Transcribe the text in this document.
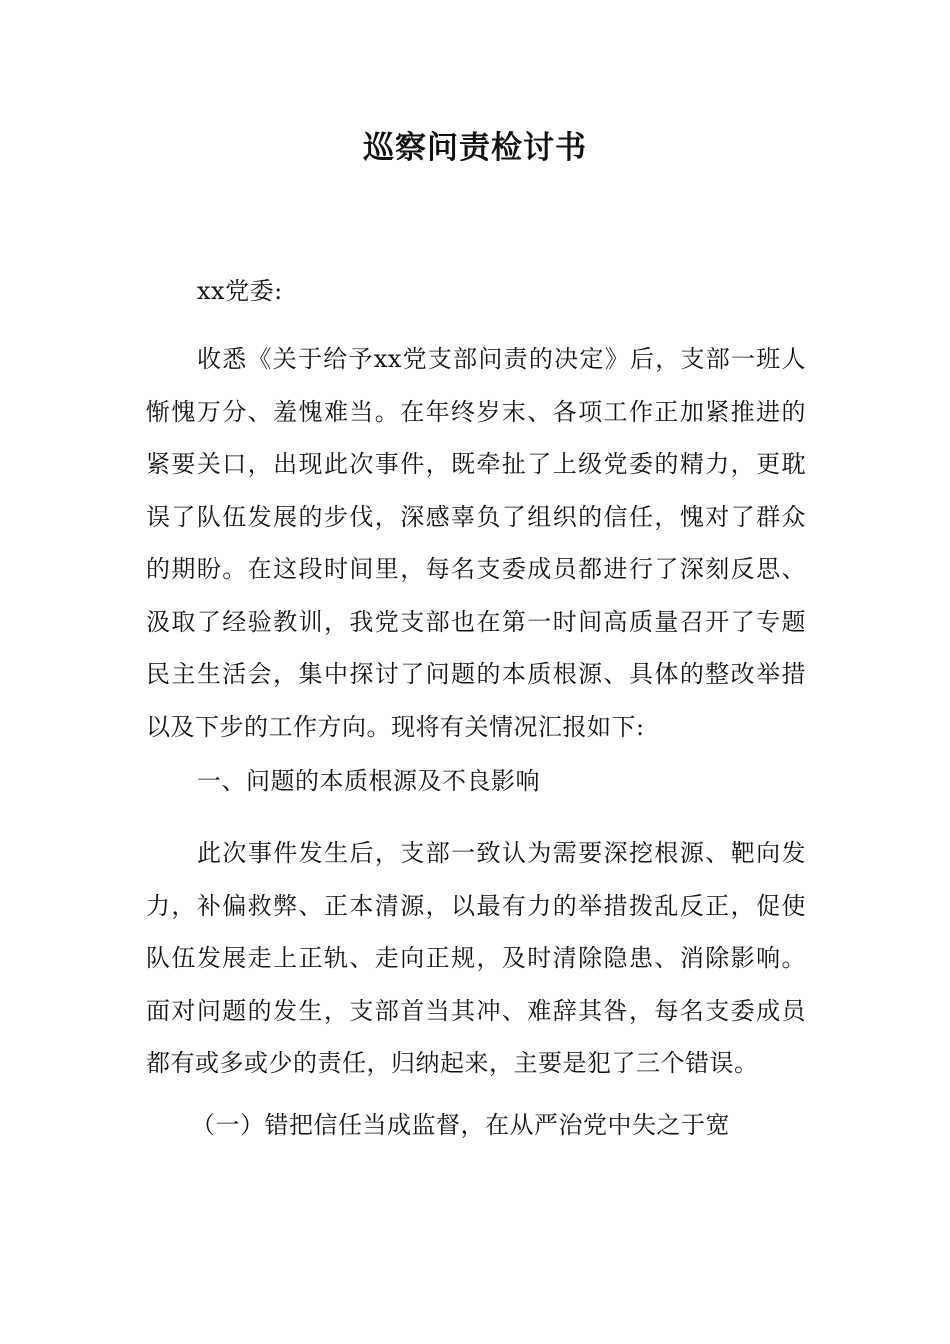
巡察问责检讨书
xx党委:
收悉《关于给予xx党支部问责的决定》后，支部一班人惭愧万分、羞愧难当。在年终岁末、各项工作正加紧推进的紧要关口，出现此次事件，既牵扯了上级党委的精力，更耽误了队伍发展的步伐，深感辜负了组织的信任，愧对了群众的期盼。在这段时间里，每名支委成员都进行了深刻反思、汲取了经验教训，我党支部也在第一时间高质量召开了专题民主生活会，集中探讨了问题的本质根源、具体的整改举措以及下步的工作方向。现将有关情况汇报如下:
一、问题的本质根源及不良影响
此次事件发生后，支部一致认为需要深挖根源、靶向发力，补偏救弊、正本清源，以最有力的举措拨乱反正，促使队伍发展走上正轨、走向正规，及时清除隐患、消除影响。面对问题的发生，支部首当其冲、难辞其咎，每名支委成员都有或多或少的责任，归纳起来，主要是犯了三个错误。
（一）错把信任当成监督，在从严治党中失之于宽
